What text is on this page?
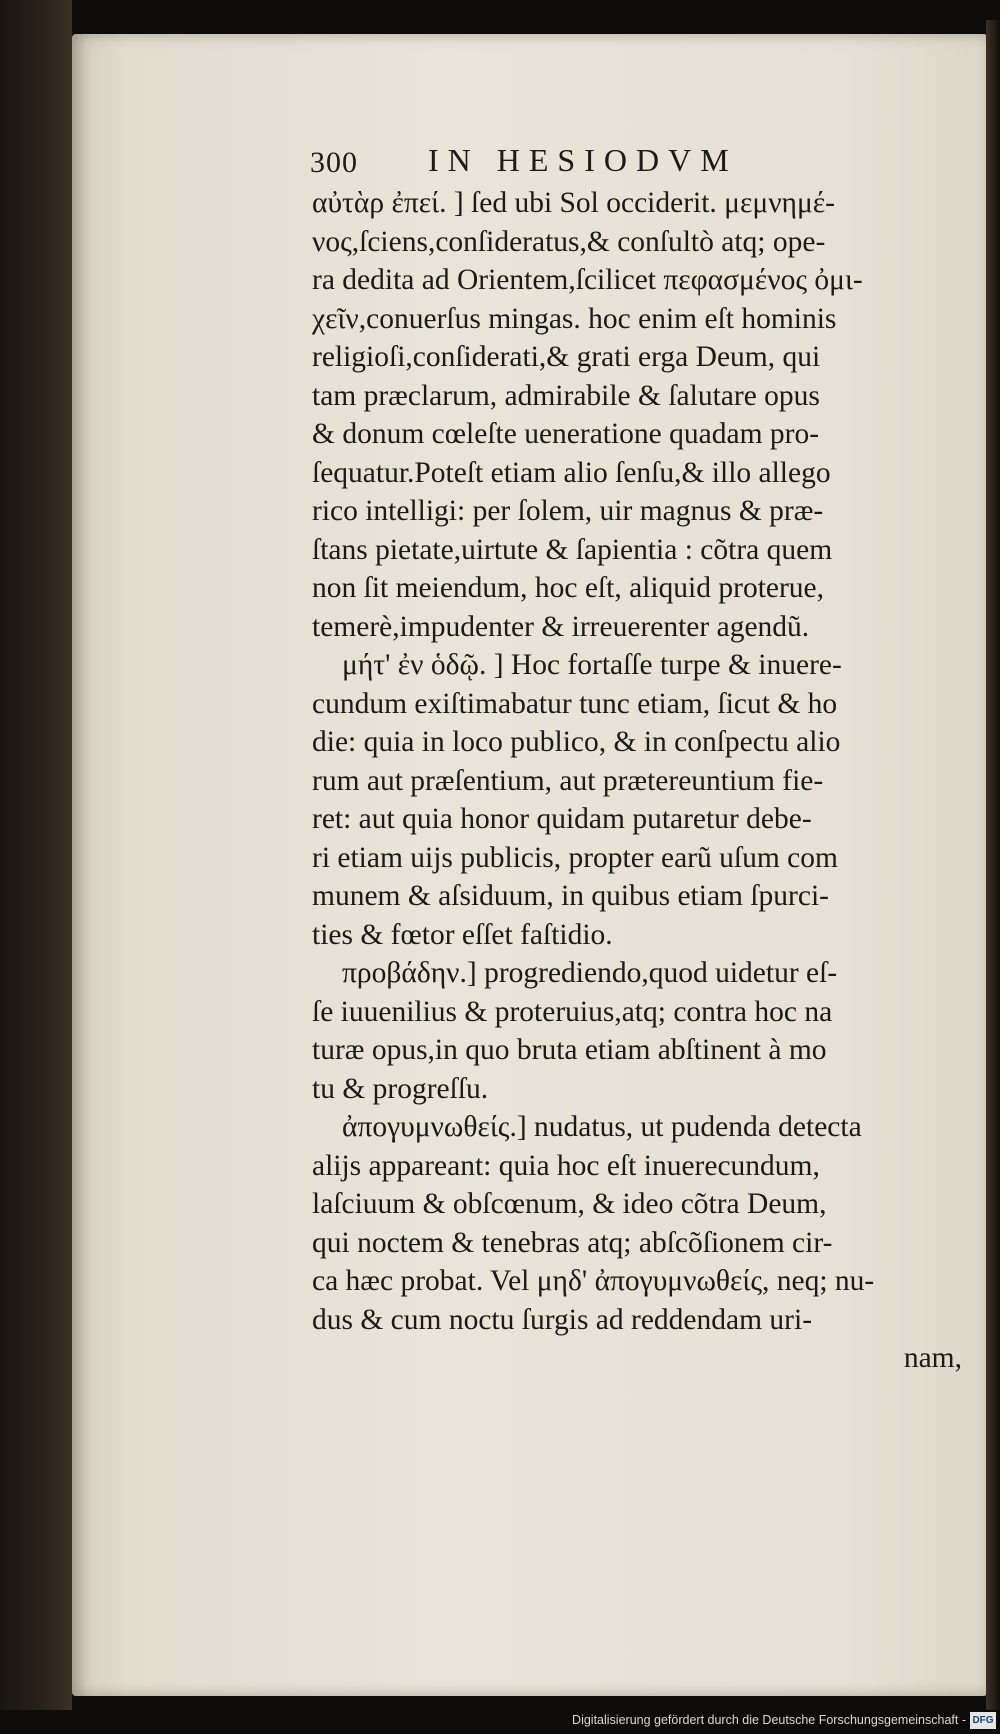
300 IN HESIODVM
αὐτὰρ ἐπεί. ] ſed ubi Sol occiderit. μεμνημέ-
νος,ſciens,conſideratus,& conſultò atq; ope-
ra dedita ad Orientem,ſcilicet πεφασμένος ὀμι-
χεῖν,conuerſus mingas. hoc enim eſt hominis
religioſi,conſiderati,& grati erga Deum, qui
tam præclarum, admirabile & ſalutare opus
& donum cœleſte ueneratione quadam pro-
ſequatur.Poteſt etiam alio ſenſu,& illo allego
rico intelligi: per ſolem, uir magnus & præ-
ſtans pietate,uirtute & ſapientia : cõtra quem
non ſit meiendum, hoc eſt, aliquid proterue,
temerè,impudenter & irreuerenter agendũ.
μήτ' ἐν ὁδῷ. ] Hoc fortaſſe turpe & inuere-
cundum exiſtimabatur tunc etiam, ſicut & ho
die: quia in loco publico, & in conſpectu alio
rum aut præſentium, aut prætereuntium fie-
ret: aut quia honor quidam putaretur debe-
ri etiam uijs publicis, propter earũ uſum com
munem & aſsiduum, in quibus etiam ſpurci-
ties & fœtor eſſet faſtidio.
προβάδην.] progrediendo,quod uidetur eſ-
ſe iuuenilius & proteruius,atq; contra hoc na
turæ opus,in quo bruta etiam abſtinent à mo
tu & progreſſu.
ἀπογυμνωθείς.] nudatus, ut pudenda detecta
alijs appareant: quia hoc eſt inuerecundum,
laſciuum & obſcœnum, & ideo cõtra Deum,
qui noctem & tenebras atq; abſcõſionem cir-
ca hæc probat. Vel μηδ' ἀπογυμνωθείς, neq; nu-
dus & cum noctu ſurgis ad reddendam uri-
nam,
Digitalisierung gefördert durch die Deutsche Forschungsgemeinschaft - DFG
